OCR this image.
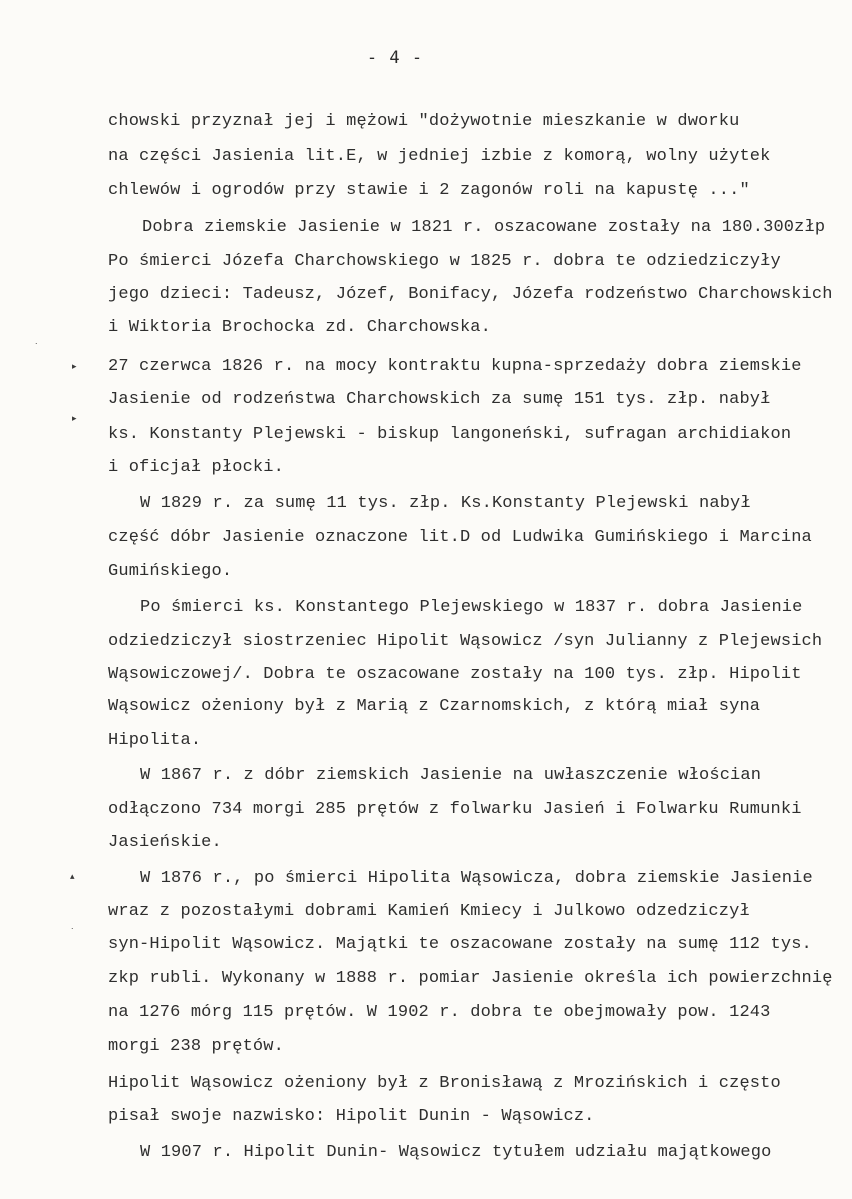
- 4 -
chowski przyznał jej i mężowi "dożywotnie mieszkanie w dworku
na części Jasienia lit.E, w jedniej izbie z komorą, wolny użytek
chlewów i ogrodów przy stawie i 2 zagonów roli na kapustę ..."
Dobra ziemskie Jasienie w 1821 r. oszacowane zostały na 180.300złp
Po śmierci Józefa Charchowskiego w 1825 r. dobra te odziedziczyły
jego dzieci: Tadeusz, Józef, Bonifacy, Józefa rodzeństwo Charchowskich
i Wiktoria Brochocka zd. Charchowska.
27 czerwca 1826 r. na mocy kontraktu kupna-sprzedaży dobra ziemskie
Jasienie od rodzeństwa Charchowskich za sumę 151 tys. złp. nabył
ks. Konstanty Plejewski - biskup langoneński, sufragan archidiakon
i oficjał płocki.
W 1829 r. za sumę 11 tys. złp. Ks.Konstanty Plejewski nabył
część dóbr Jasienie oznaczone lit.D od Ludwika Gumińskiego i Marcina
Gumińskiego.
Po śmierci ks. Konstantego Plejewskiego w 1837 r. dobra Jasienie
odziedziczył siostrzeniec Hipolit Wąsowicz /syn Julianny z Plejewsich
Wąsowiczowej/. Dobra te oszacowane zostały na 100 tys. złp. Hipolit
Wąsowicz ożeniony był z Marią z Czarnomskich, z którą miał syna
Hipolita.
W 1867 r. z dóbr ziemskich Jasienie na uwłaszczenie włościan
odłączono 734 morgi 285 prętów z folwarku Jasień i Folwarku Rumunki
Jasieńskie.
W 1876 r., po śmierci Hipolita Wąsowicza, dobra ziemskie Jasienie
wraz z pozostałymi dobrami Kamień Kmiecy i Julkowo odzedziczył
syn-Hipolit Wąsowicz. Majątki te oszacowane zostały na sumę 112 tys.
zkp rubli. Wykonany w 1888 r. pomiar Jasienie określa ich powierzchnię
na 1276 mórg 115 prętów. W 1902 r. dobra te obejmowały pow. 1243
morgi 238 prętów.
Hipolit Wąsowicz ożeniony był z Bronisławą z Mrozińskich i często
pisał swoje nazwisko: Hipolit Dunin - Wąsowicz.
W 1907 r. Hipolit Dunin- Wąsowicz tytułem udziału majątkowego
˙
▸
▸
▴
˙
